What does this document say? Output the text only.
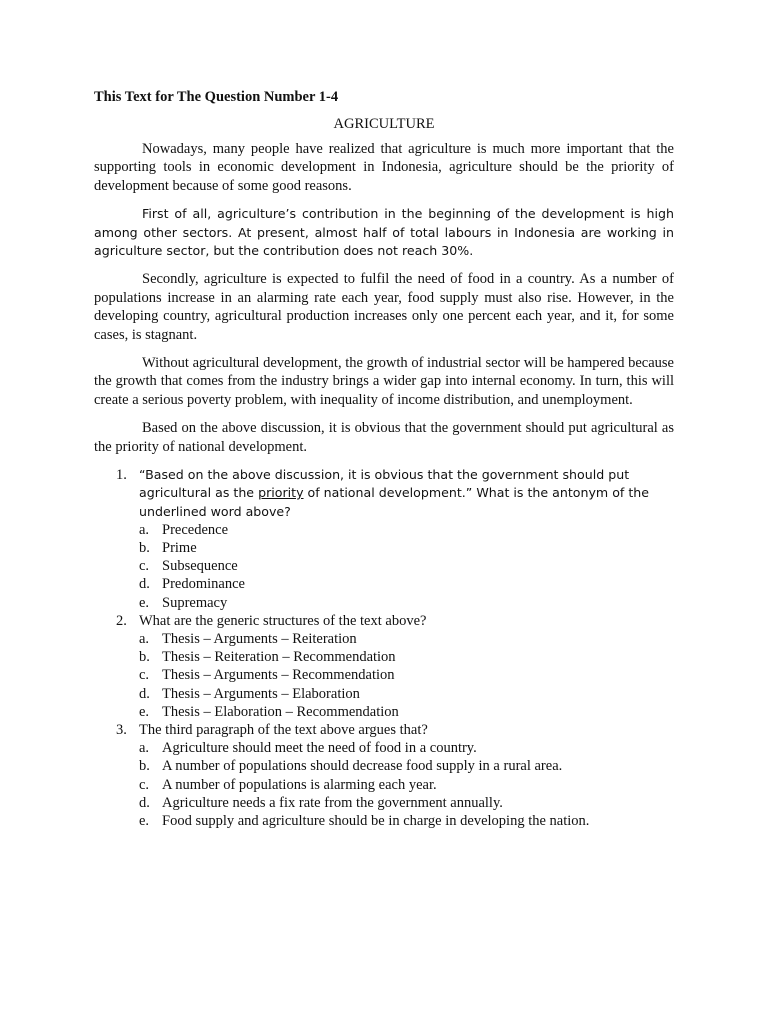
This Text for The Question Number 1-4
AGRICULTURE

Nowadays, many people have realized that agriculture is much more important that the supporting tools in economic development in Indonesia, agriculture should be the priority of development because of some good reasons.

First of all, agriculture’s contribution in the beginning of the development is high among other sectors. At present, almost half of total labours in Indonesia are working in agriculture sector, but the contribution does not reach 30%.

Secondly, agriculture is expected to fulfil the need of food in a country. As a number of populations increase in an alarming rate each year, food supply must also rise. However, in the developing country, agricultural production increases only one percent each year, and it, for some cases, is stagnant.

Without agricultural development, the growth of industrial sector will be hampered because the growth that comes from the industry brings a wider gap into internal economy. In turn, this will create a serious poverty problem, with inequality of income distribution, and unemployment.

Based on the above discussion, it is obvious that the government should put agricultural as the priority of national development.

1. “Based on the above discussion, it is obvious that the government should put agricultural as the priority of national development.” What is the antonym of the underlined word above?
a. Precedence
b. Prime
c. Subsequence
d. Predominance
e. Supremacy
2. What are the generic structures of the text above?
a. Thesis – Arguments – Reiteration
b. Thesis – Reiteration – Recommendation
c. Thesis – Arguments – Recommendation
d. Thesis – Arguments – Elaboration
e. Thesis – Elaboration – Recommendation
3. The third paragraph of the text above argues that?
a. Agriculture should meet the need of food in a country.
b. A number of populations should decrease food supply in a rural area.
c. A number of populations is alarming each year.
d. Agriculture needs a fix rate from the government annually.
e. Food supply and agriculture should be in charge in developing the nation.
